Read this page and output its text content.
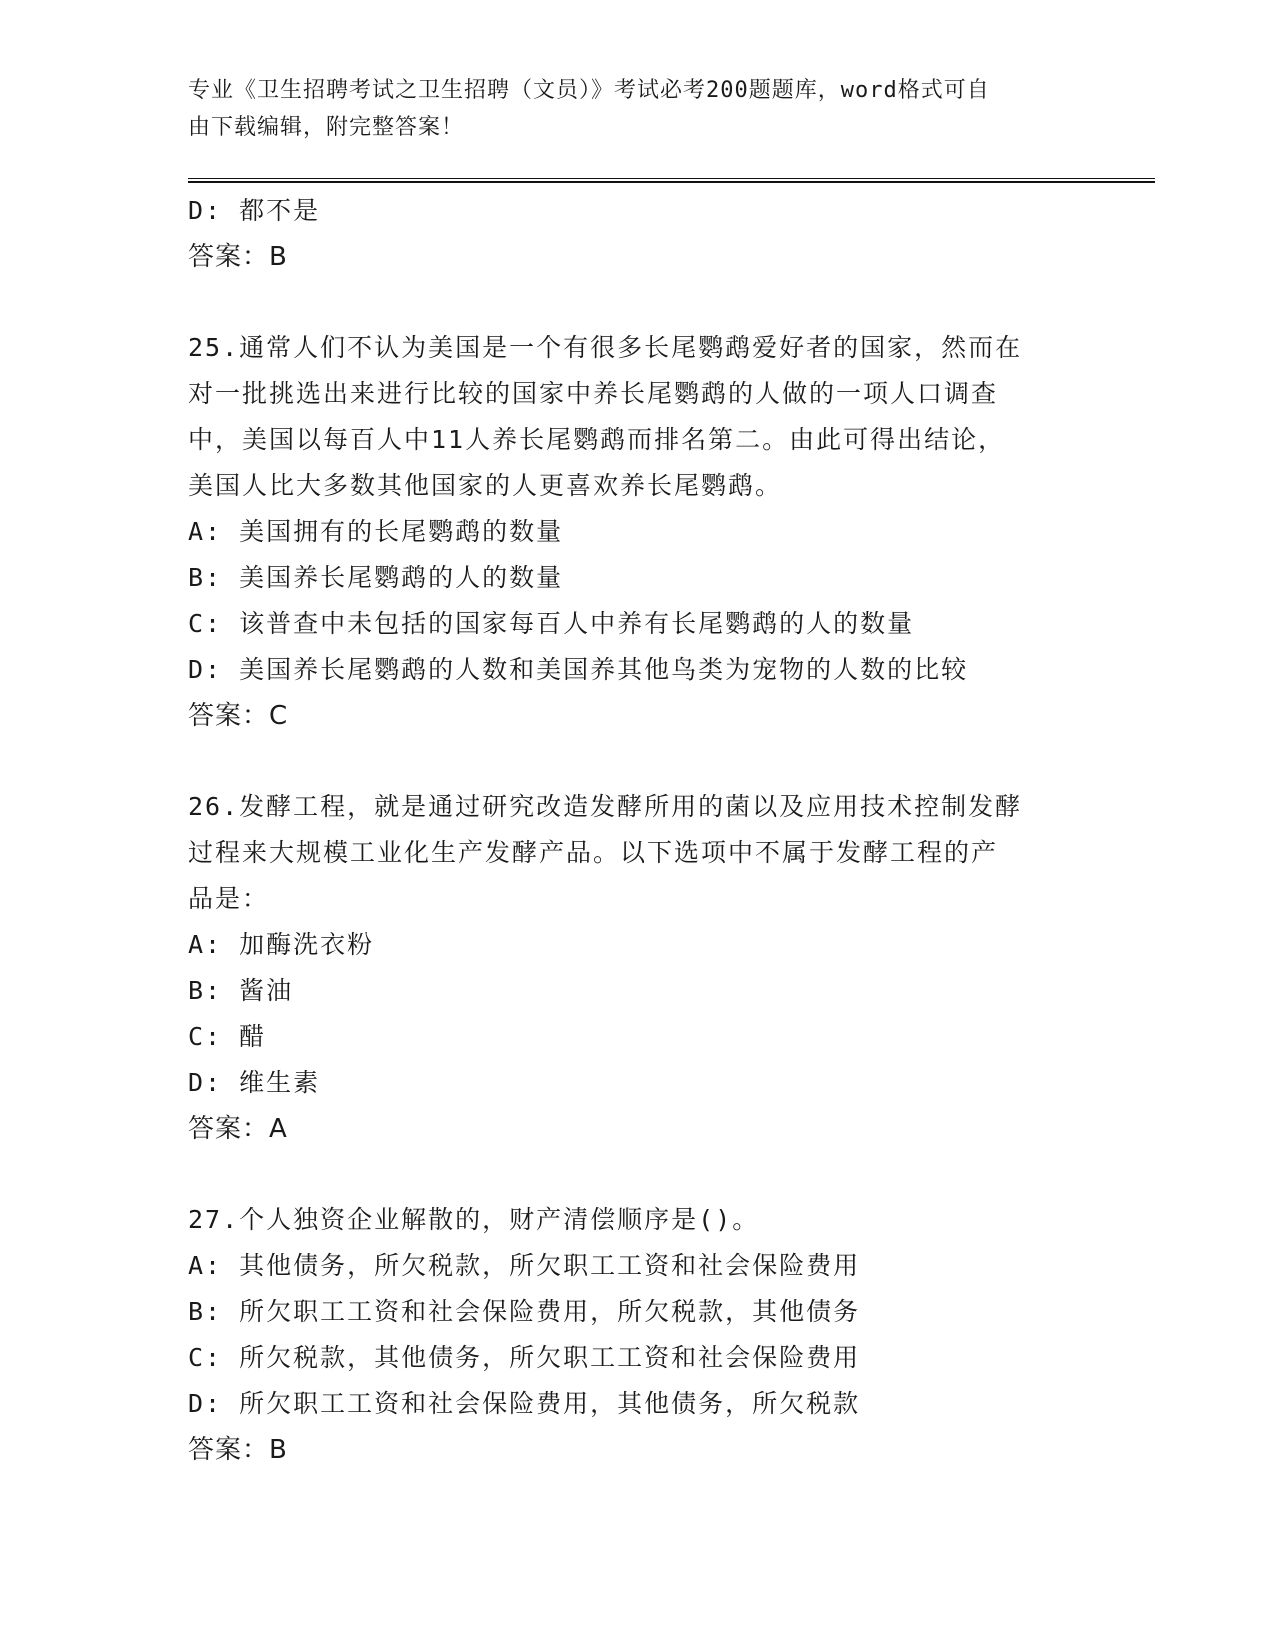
专业《卫生招聘考试之卫生招聘（文员）》考试必考200题题库，word格式可自
由下载编辑，附完整答案！
D: 都不是
答案：B
25.通常人们不认为美国是一个有很多长尾鹦鹉爱好者的国家，然而在
对一批挑选出来进行比较的国家中养长尾鹦鹉的人做的一项人口调查
中，美国以每百人中11人养长尾鹦鹉而排名第二。由此可得出结论，
美国人比大多数其他国家的人更喜欢养长尾鹦鹉。
A: 美国拥有的长尾鹦鹉的数量
B: 美国养长尾鹦鹉的人的数量
C: 该普查中未包括的国家每百人中养有长尾鹦鹉的人的数量
D: 美国养长尾鹦鹉的人数和美国养其他鸟类为宠物的人数的比较
答案：C
26.发酵工程，就是通过研究改造发酵所用的菌以及应用技术控制发酵
过程来大规模工业化生产发酵产品。以下选项中不属于发酵工程的产
品是：
A: 加酶洗衣粉
B: 酱油
C: 醋
D: 维生素
答案：A
27.个人独资企业解散的，财产清偿顺序是()。
A: 其他债务，所欠税款，所欠职工工资和社会保险费用
B: 所欠职工工资和社会保险费用，所欠税款，其他债务
C: 所欠税款，其他债务，所欠职工工资和社会保险费用
D: 所欠职工工资和社会保险费用，其他债务，所欠税款
答案：B
